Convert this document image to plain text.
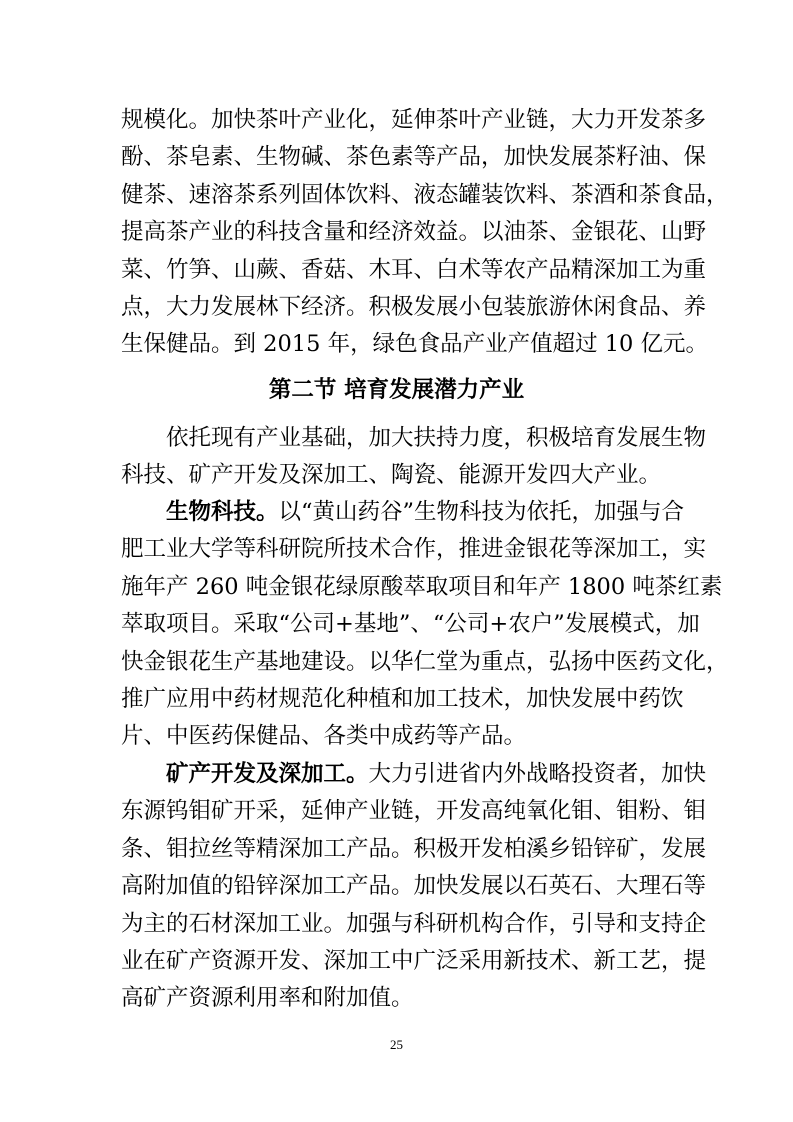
规模化。加快茶叶产业化，延伸茶叶产业链，大力开发茶多
酚、茶皂素、生物碱、茶色素等产品，加快发展茶籽油、保
健茶、速溶茶系列固体饮料、液态罐装饮料、茶酒和茶食品，
提高茶产业的科技含量和经济效益。以油茶、金银花、山野
菜、竹笋、山蕨、香菇、木耳、白术等农产品精深加工为重
点，大力发展林下经济。积极发展小包装旅游休闲食品、养
生保健品。到 2015 年，绿色食品产业产值超过 10 亿元。
第二节 培育发展潜力产业
依托现有产业基础，加大扶持力度，积极培育发展生物
科技、矿产开发及深加工、陶瓷、能源开发四大产业。
生物科技。以“黄山药谷”生物科技为依托，加强与合
肥工业大学等科研院所技术合作，推进金银花等深加工，实
施年产 260 吨金银花绿原酸萃取项目和年产 1800 吨茶红素
萃取项目。采取“公司+基地”、“公司+农户”发展模式，加
快金银花生产基地建设。以华仁堂为重点，弘扬中医药文化，
推广应用中药材规范化种植和加工技术，加快发展中药饮
片、中医药保健品、各类中成药等产品。
矿产开发及深加工。大力引进省内外战略投资者，加快
东源钨钼矿开采，延伸产业链，开发高纯氧化钼、钼粉、钼
条、钼拉丝等精深加工产品。积极开发柏溪乡铅锌矿，发展
高附加值的铅锌深加工产品。加快发展以石英石、大理石等
为主的石材深加工业。加强与科研机构合作，引导和支持企
业在矿产资源开发、深加工中广泛采用新技术、新工艺，提
高矿产资源利用率和附加值。
25
